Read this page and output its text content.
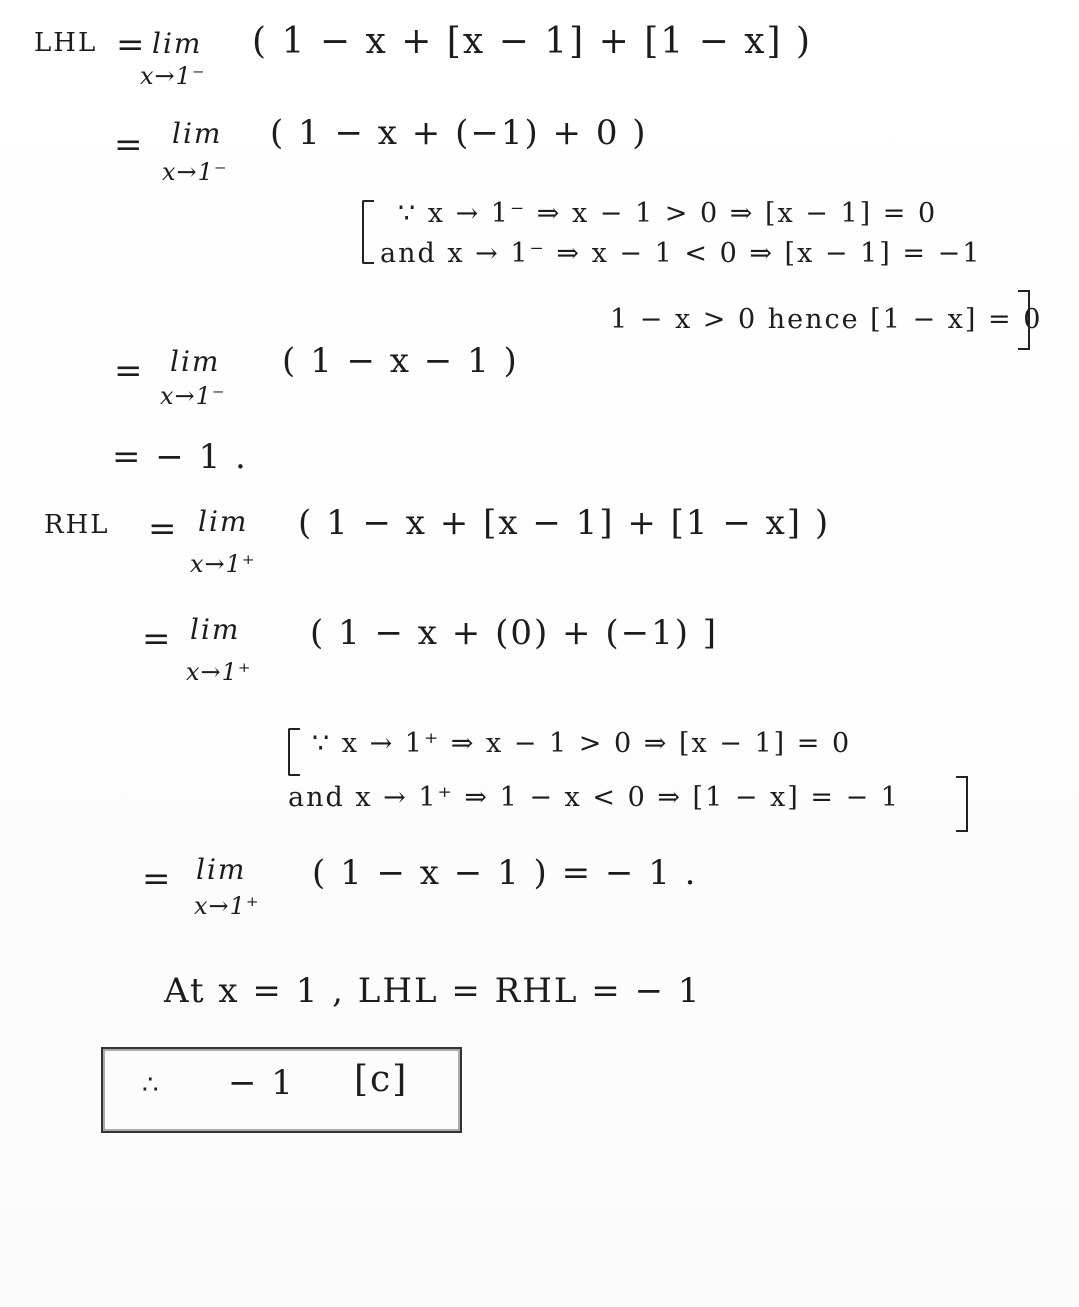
LHL = lim
x→1⁻
( 1 − x + [x − 1] + [1 − x] )
= lim
x→1⁻
( 1 − x + (−1) + 0 )
∵ x → 1⁻ ⇒ x − 1 > 0 ⇒ [x − 1] = 0
and x → 1⁻ ⇒ x − 1 < 0 ⇒ [x − 1] = −1
1 − x > 0 hence [1 − x] = 0
= lim
x→1⁻
( 1 − x − 1 )
= − 1 .
RHL = lim
x→1⁺
( 1 − x + [x − 1] + [1 − x] )
= lim
x→1⁺
( 1 − x + (0) + (−1) ]
∵ x → 1⁺ ⇒ x − 1 > 0 ⇒ [x − 1] = 0
and x → 1⁺ ⇒ 1 − x < 0 ⇒ [1 − x] = − 1
= lim
x→1⁺
( 1 − x − 1 ) = − 1 .
At x = 1 , LHL = RHL = − 1
∴ − 1 [c]
